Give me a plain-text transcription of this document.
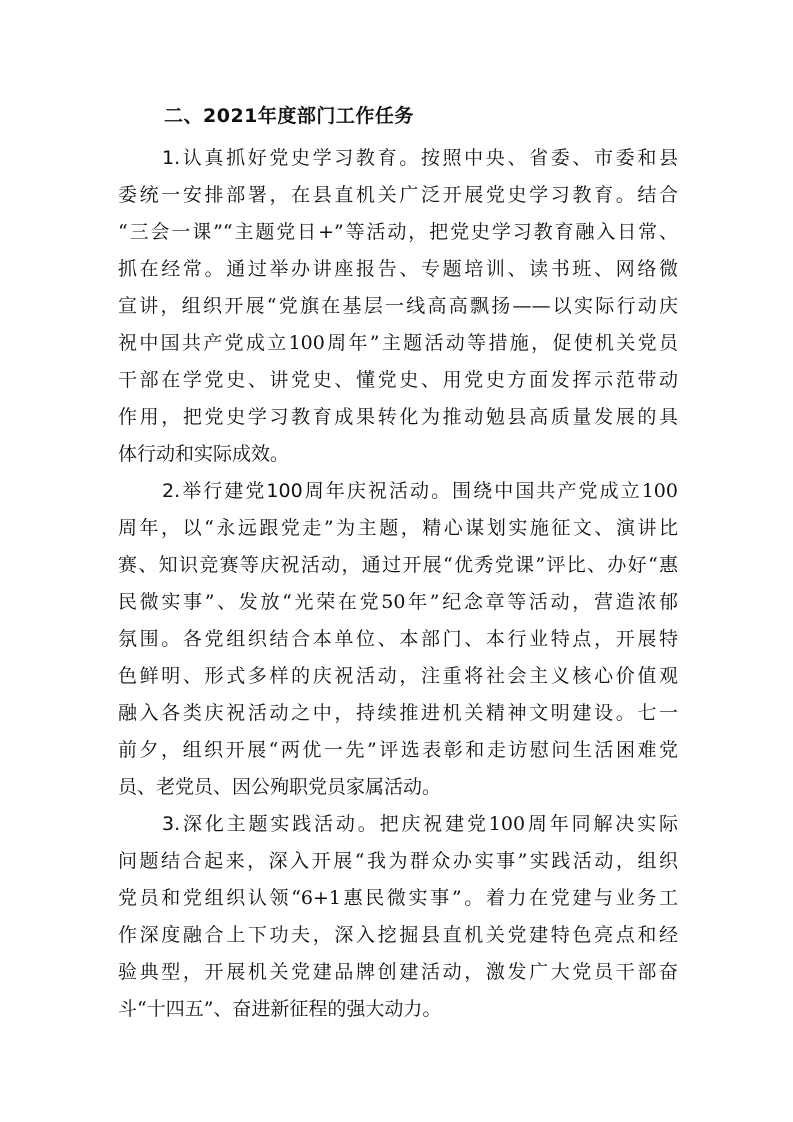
二、2021年度部门工作任务
1.认真抓好党史学习教育。按照中央、省委、市委和县
委统一安排部署，在县直机关广泛开展党史学习教育。结合
“三会一课”“主题党日+”等活动，把党史学习教育融入日常、
抓在经常。通过举办讲座报告、专题培训、读书班、网络微
宣讲，组织开展“党旗在基层一线高高飘扬——以实际行动庆
祝中国共产党成立100周年”主题活动等措施，促使机关党员
干部在学党史、讲党史、懂党史、用党史方面发挥示范带动
作用，把党史学习教育成果转化为推动勉县高质量发展的具
体行动和实际成效。
2.举行建党100周年庆祝活动。围绕中国共产党成立100
周年，以“永远跟党走”为主题，精心谋划实施征文、演讲比
赛、知识竞赛等庆祝活动，通过开展“优秀党课”评比、办好“惠
民微实事”、发放“光荣在党50年”纪念章等活动，营造浓郁
氛围。各党组织结合本单位、本部门、本行业特点，开展特
色鲜明、形式多样的庆祝活动，注重将社会主义核心价值观
融入各类庆祝活动之中，持续推进机关精神文明建设。七一
前夕，组织开展“两优一先”评选表彰和走访慰问生活困难党
员、老党员、因公殉职党员家属活动。
3.深化主题实践活动。把庆祝建党100周年同解决实际
问题结合起来，深入开展“我为群众办实事”实践活动，组织
党员和党组织认领“6+1惠民微实事”。着力在党建与业务工
作深度融合上下功夫，深入挖掘县直机关党建特色亮点和经
验典型，开展机关党建品牌创建活动，激发广大党员干部奋
斗“十四五”、奋进新征程的强大动力。
